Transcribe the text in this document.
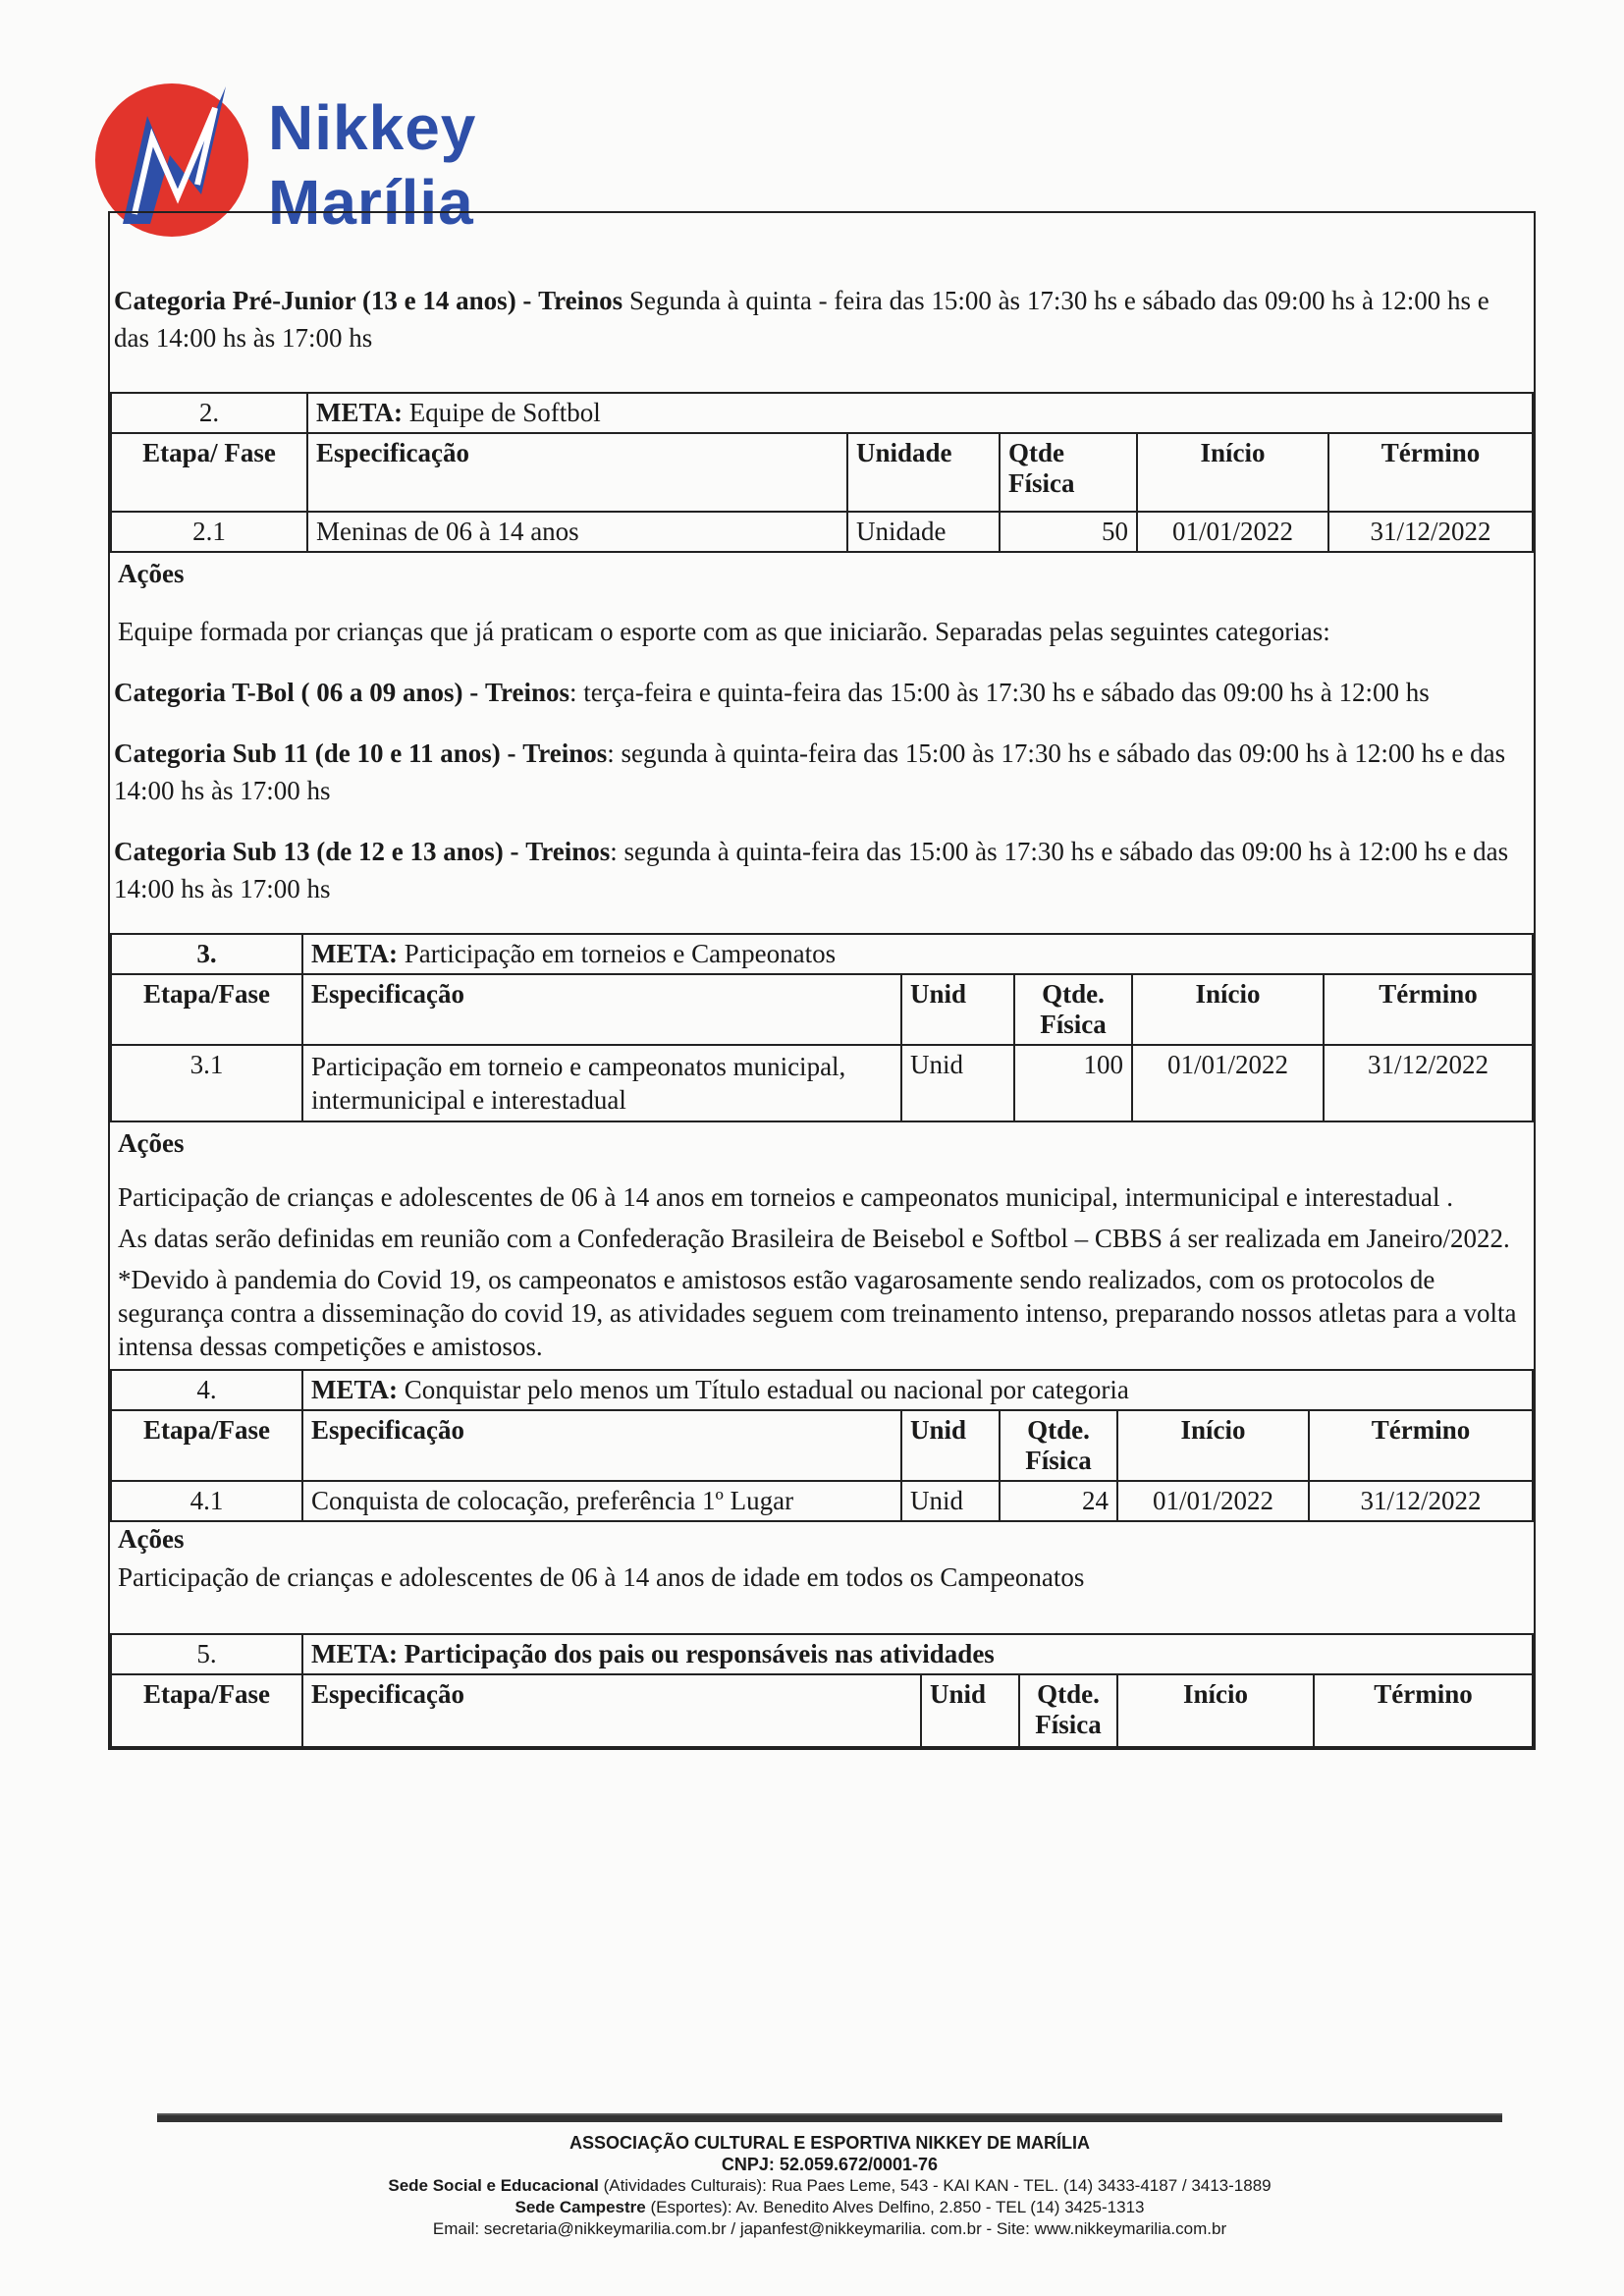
Nikkey
Marília
Categoria Pré-Junior (13 e 14 anos) - Treinos Segunda à quinta - feira das 15:00 às 17:30 hs e sábado das 09:00 hs à 12:00 hs e das 14:00 hs às 17:00 hs
2.	META: Equipe de Softbol				
Etapa/ Fase	Especificação	Unidade	Qtde Física	Início	Término
2.1	Meninas de 06 à 14 anos	Unidade	50	01/01/2022	31/12/2022
Ações
Equipe formada por crianças que já praticam o esporte com as que iniciarão. Separadas pelas seguintes categorias:
Categoria T-Bol ( 06 a 09 anos) - Treinos: terça-feira e quinta-feira das 15:00 às 17:30 hs e sábado das 09:00 hs à 12:00 hs
Categoria Sub 11 (de 10 e 11 anos) - Treinos: segunda à quinta-feira das 15:00 às 17:30 hs e sábado das 09:00 hs à 12:00 hs e das 14:00 hs às 17:00 hs
Categoria Sub 13 (de 12 e 13 anos) - Treinos: segunda à quinta-feira das 15:00 às 17:30 hs e sábado das 09:00 hs à 12:00 hs e das 14:00 hs às 17:00 hs
3.	META: Participação em torneios e Campeonatos				
Etapa/Fase	Especificação	Unid	Qtde. Física	Início	Término
3.1	Participação em torneio e campeonatos municipal, intermunicipal e interestadual	Unid	100	01/01/2022	31/12/2022
Ações
Participação de crianças e adolescentes de 06 à 14 anos em torneios e campeonatos municipal, intermunicipal e interestadual .
As datas serão definidas em reunião com a Confederação Brasileira de Beisebol e Softbol – CBBS á ser realizada em Janeiro/2022.
*Devido à pandemia do Covid 19, os campeonatos e amistosos estão vagarosamente sendo realizados, com os protocolos de segurança contra a disseminação do covid 19, as atividades seguem com treinamento intenso, preparando nossos atletas para a volta intensa dessas competições e amistosos.
4.	META: Conquistar pelo menos um Título estadual ou nacional por categoria				
Etapa/Fase	Especificação	Unid	Qtde. Física	Início	Término
4.1	Conquista de colocação, preferência 1º Lugar	Unid	24	01/01/2022	31/12/2022
Ações
Participação de crianças e adolescentes de 06 à 14 anos de idade em todos os Campeonatos
5.	META: Participação dos pais ou responsáveis nas atividades				
Etapa/Fase	Especificação	Unid	Qtde. Física	Início	Término
ASSOCIAÇÃO CULTURAL E ESPORTIVA NIKKEY DE MARÍLIA
CNPJ: 52.059.672/0001-76
Sede Social e Educacional (Atividades Culturais): Rua Paes Leme, 543 - KAI KAN - TEL. (14) 3433-4187 / 3413-1889
Sede Campestre (Esportes): Av. Benedito Alves Delfino, 2.850 - TEL (14) 3425-1313
Email: secretaria@nikkeymarilia.com.br / japanfest@nikkeymarilia. com.br - Site: www.nikkeymarilia.com.br
